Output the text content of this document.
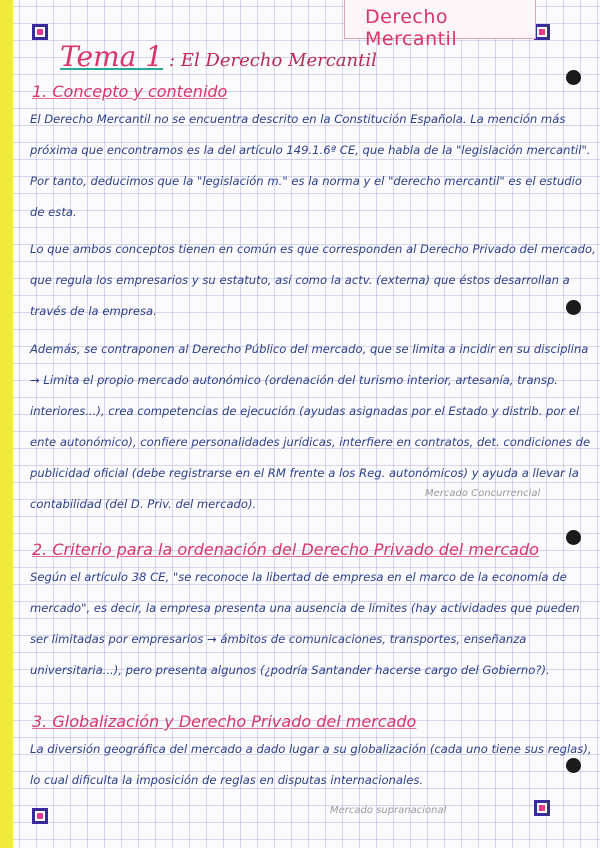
Derecho Mercantil
Tema 1 : El Derecho Mercantil
1. Concepto y contenido
El Derecho Mercantil no se encuentra descrito en la Constitución Española. La mención más próxima que encontramos es la del artículo 149.1.6ª CE, que habla de la "legislación mercantil". Por tanto, deducimos que la "legislación m." es la norma y el "derecho mercantil" es el estudio de esta.
Lo que ambos conceptos tienen en común es que corresponden al Derecho Privado del mercado, que regula los empresarios y su estatuto, así como la actv. (externa) que éstos desarrollan a través de la empresa.
Además, se contraponen al Derecho Público del mercado, que se limita a incidir en su disciplina → Limita el propio mercado autonómico (ordenación del turismo interior, artesanía, transp. interiores...), crea competencias de ejecución (ayudas asignadas por el Estado y distrib. por el ente autonómico), confiere personalidades jurídicas, interfiere en contratos, det. condiciones de publicidad oficial (debe registrarse en el RM frente a los Reg. autonómicos) y ayuda a llevar la contabilidad (del D. Priv. del mercado).
Mercado Concurrencial
2. Criterio para la ordenación del Derecho Privado del mercado
Según el artículo 38 CE, "se reconoce la libertad de empresa en el marco de la economía de mercado", es decir, la empresa presenta una ausencia de límites (hay actividades que pueden ser limitadas por empresarios → ámbitos de comunicaciones, transportes, enseñanza universitaria...), pero presenta algunos (¿podría Santander hacerse cargo del Gobierno?).
3. Globalización y Derecho Privado del mercado
La diversión geográfica del mercado a dado lugar a su globalización (cada uno tiene sus reglas), lo cual dificulta la imposición de reglas en disputas internacionales.
Mercado supranacional
